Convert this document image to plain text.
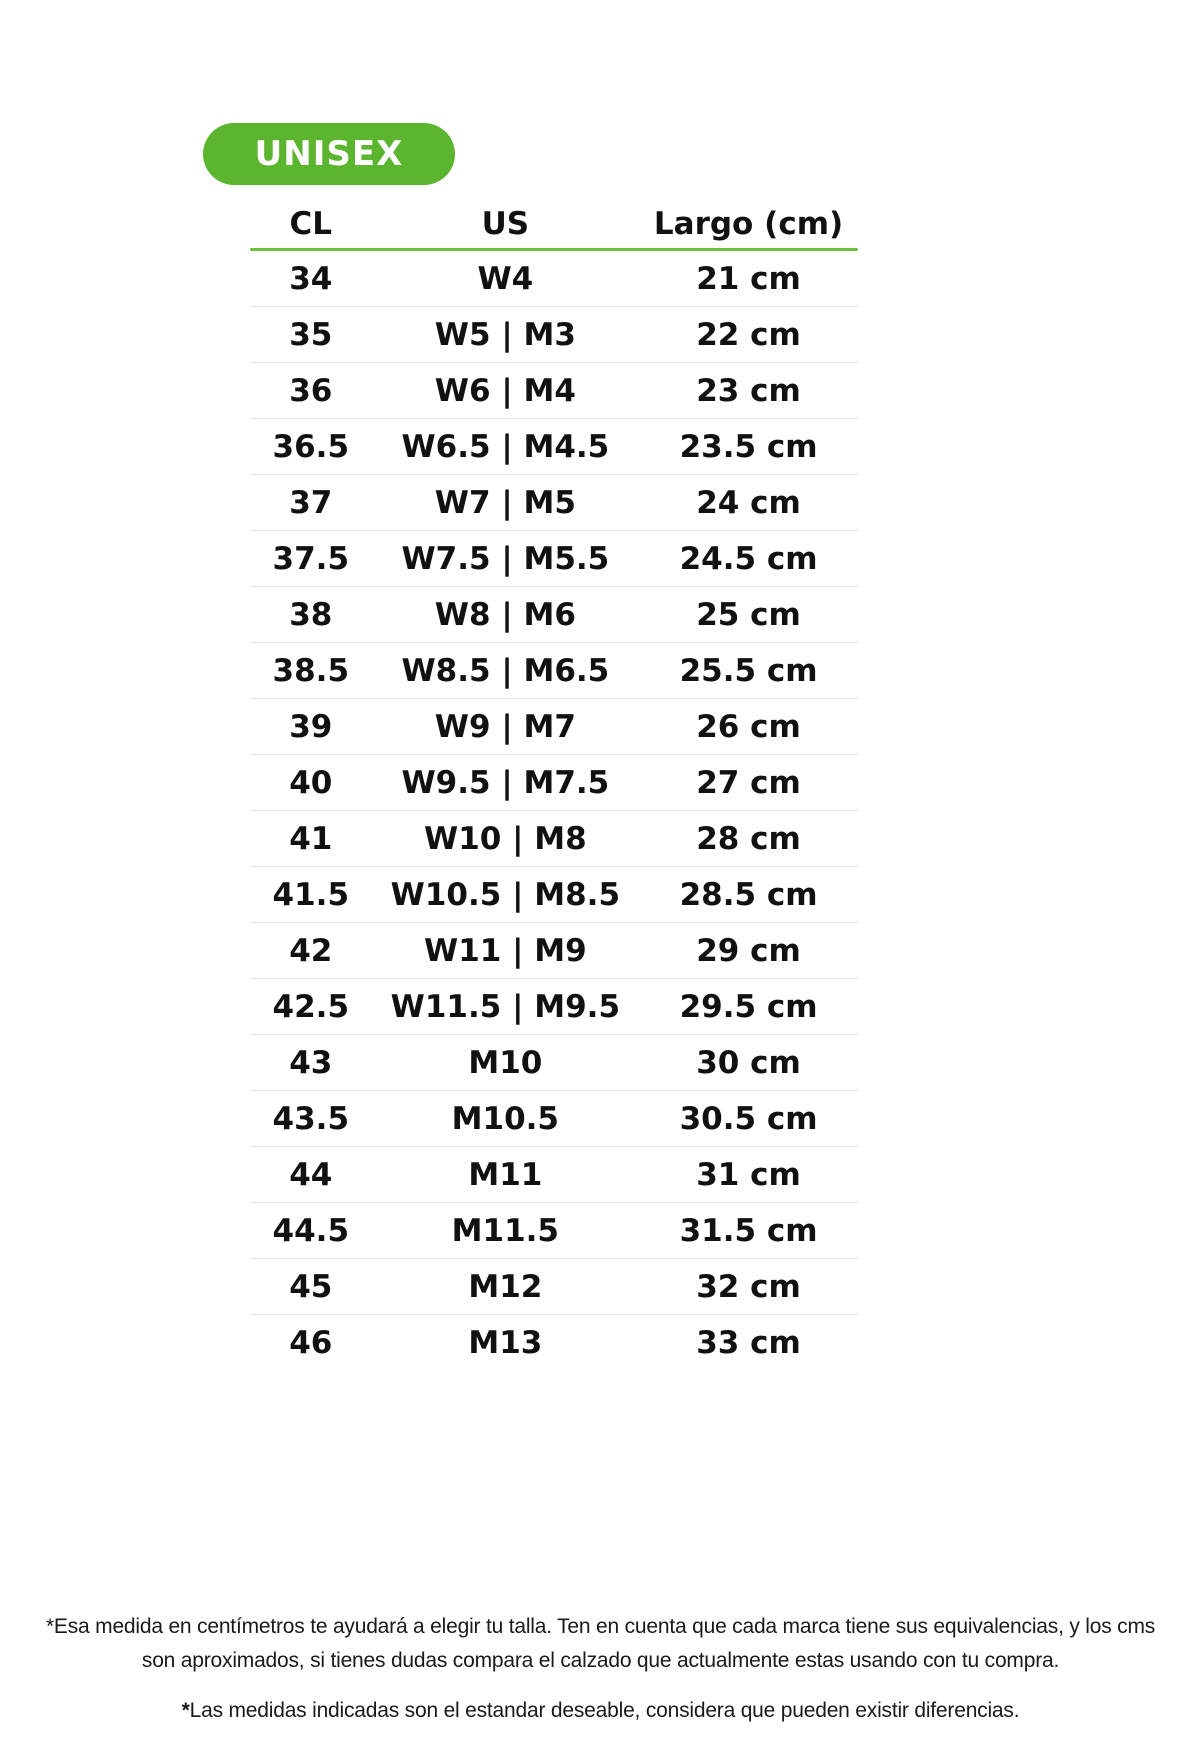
UNISEX
CL	US	Largo (cm)
34	W4	21 cm
35	W5 | M3	22 cm
36	W6 | M4	23 cm
36.5	W6.5 | M4.5	23.5 cm
37	W7 | M5	24 cm
37.5	W7.5 | M5.5	24.5 cm
38	W8 | M6	25 cm
38.5	W8.5 | M6.5	25.5 cm
39	W9 | M7	26 cm
40	W9.5 | M7.5	27 cm
41	W10 | M8	28 cm
41.5	W10.5 | M8.5	28.5 cm
42	W11 | M9	29 cm
42.5	W11.5 | M9.5	29.5 cm
43	M10	30 cm
43.5	M10.5	30.5 cm
44	M11	31 cm
44.5	M11.5	31.5 cm
45	M12	32 cm
46	M13	33 cm

*Esa medida en centímetros te ayudará a elegir tu talla. Ten en cuenta que cada marca tiene sus equivalencias, y los cms son aproximados, si tienes dudas compara el calzado que actualmente estas usando con tu compra.

*Las medidas indicadas son el estandar deseable, considera que pueden existir diferencias.
